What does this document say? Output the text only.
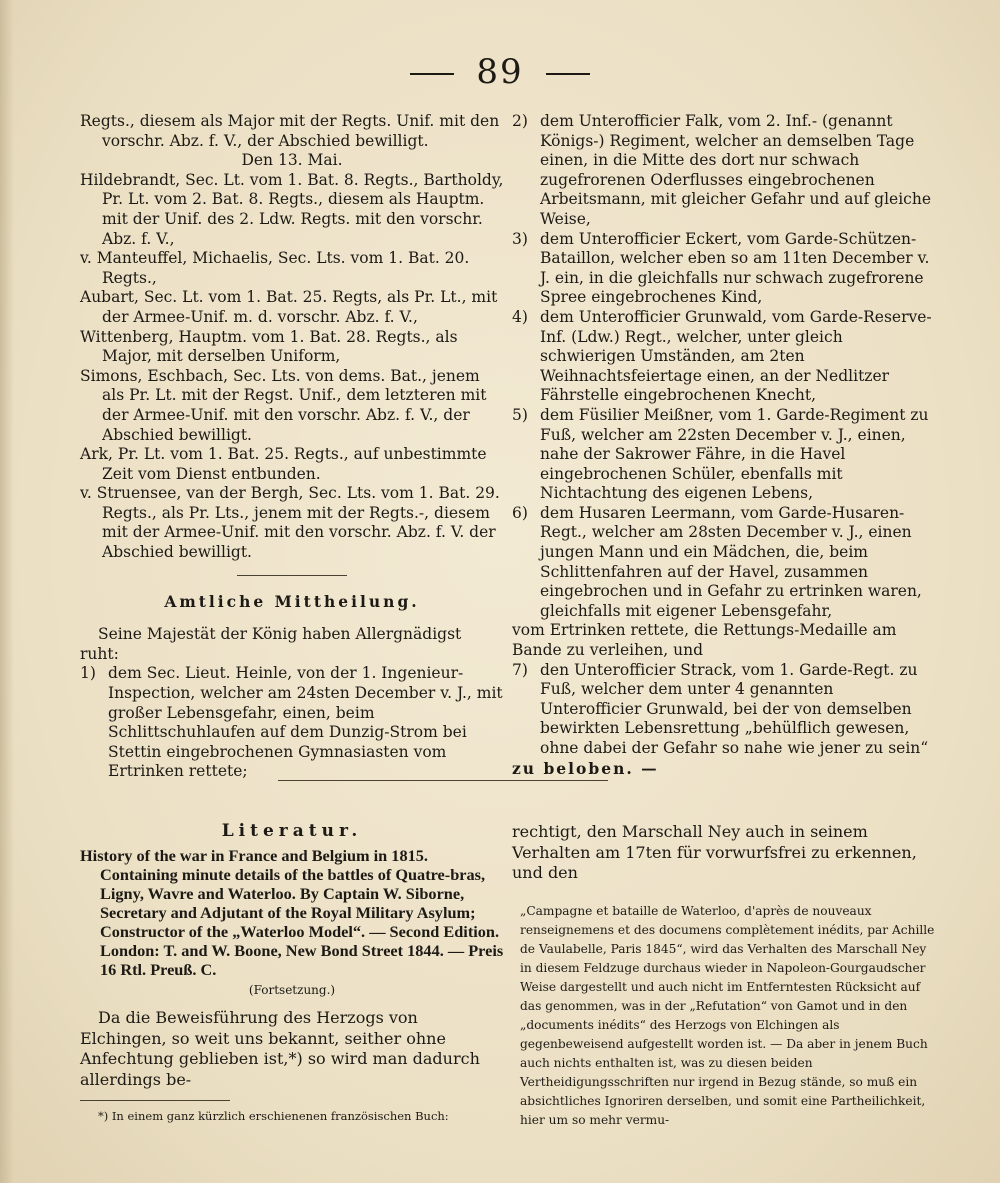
89

Regts., diesem als Major mit der Regts. Unif. mit den vorschr. Abz. f. V., der Abschied bewilligt.

Den 13. Mai.

Hildebrandt, Sec. Lt. vom 1. Bat. 8. Regts., Bartholdy, Pr. Lt. vom 2. Bat. 8. Regts., diesem als Hauptm. mit der Unif. des 2. Ldw. Regts. mit den vorschr. Abz. f. V.,

v. Manteuffel, Michaelis, Sec. Lts. vom 1. Bat. 20. Regts.,

Aubart, Sec. Lt. vom 1. Bat. 25. Regts, als Pr. Lt., mit der Armee-Unif. m. d. vorschr. Abz. f. V.,

Wittenberg, Hauptm. vom 1. Bat. 28. Regts., als Major, mit derselben Uniform,

Simons, Eschbach, Sec. Lts. von dems. Bat., jenem als Pr. Lt. mit der Regst. Unif., dem letzteren mit der Armee-Unif. mit den vorschr. Abz. f. V., der Abschied bewilligt.

Ark, Pr. Lt. vom 1. Bat. 25. Regts., auf unbestimmte Zeit vom Dienst entbunden.

v. Struensee, van der Bergh, Sec. Lts. vom 1. Bat. 29. Regts., als Pr. Lts., jenem mit der Regts.-, diesem mit der Armee-Unif. mit den vorschr. Abz. f. V. der Abschied bewilligt.

Amtliche Mittheilung.

Seine Majestät der König haben Allergnädigst ruht:

1) dem Sec. Lieut. Heinle, von der 1. Ingenieur-Inspection, welcher am 24sten December v. J., mit großer Lebensgefahr, einen, beim Schlittschuhlaufen auf dem Dunzig-Strom bei Stettin eingebrochenen Gymnasiasten vom Ertrinken rettete;
2) dem Unterofficier Falk, vom 2. Inf.- (genannt Königs-) Regiment, welcher an demselben Tage einen, in die Mitte des dort nur schwach zugefrorenen Oderflusses eingebrochenen Arbeitsmann, mit gleicher Gefahr und auf gleiche Weise,
3) dem Unterofficier Eckert, vom Garde-Schützen-Bataillon, welcher eben so am 11ten December v. J. ein, in die gleichfalls nur schwach zugefrorene Spree eingebrochenes Kind,
4) dem Unterofficier Grunwald, vom Garde-Reserve-Inf. (Ldw.) Regt., welcher, unter gleich schwierigen Umständen, am 2ten Weihnachtsfeiertage einen, an der Nedlitzer Fährstelle eingebrochenen Knecht,
5) dem Füsilier Meißner, vom 1. Garde-Regiment zu Fuß, welcher am 22sten December v. J., einen, nahe der Sakrower Fähre, in die Havel eingebrochenen Schüler, ebenfalls mit Nichtachtung des eigenen Lebens,
6) dem Husaren Leermann, vom Garde-Husaren-Regt., welcher am 28sten December v. J., einen jungen Mann und ein Mädchen, die, beim Schlittenfahren auf der Havel, zusammen eingebrochen und in Gefahr zu ertrinken waren, gleichfalls mit eigener Lebensgefahr,

vom Ertrinken rettete, die Rettungs-Medaille am Bande zu verleihen, und

7) den Unterofficier Strack, vom 1. Garde-Regt. zu Fuß, welcher dem unter 4 genannten Unterofficier Grunwald, bei der von demselben bewirkten Lebensrettung „behülflich gewesen, ohne dabei der Gefahr so nahe wie jener zu sein“

zu beloben. —

Literatur.

History of the war in France and Belgium in 1815. Containing minute details of the battles of Quatre-bras, Ligny, Wavre and Waterloo. By Captain W. Siborne, Secretary and Adjutant of the Royal Military Asylum; Constructor of the „Waterloo Model“. — Second Edition. London: T. and W. Boone, New Bond Street 1844. — Preis 16 Rtl. Preuß. C.

(Fortsetzung.)

Da die Beweisführung des Herzogs von Elchingen, so weit uns bekannt, seither ohne Anfechtung geblieben ist,*) so wird man dadurch allerdings be-

*) In einem ganz kürzlich erschienenen französischen Buch:

rechtigt, den Marschall Ney auch in seinem Verhalten am 17ten für vorwurfsfrei zu erkennen, und den

„Campagne et bataille de Waterloo, d'après de nouveaux renseignemens et des documens complètement inédits, par Achille de Vaulabelle, Paris 1845“, wird das Verhalten des Marschall Ney in diesem Feldzuge durchaus wieder in Napoleon-Gourgaudscher Weise dargestellt und auch nicht im Entferntesten Rücksicht auf das genommen, was in der „Refutation“ von Gamot und in den „documents inédits“ des Herzogs von Elchingen als gegenbeweisend aufgestellt worden ist. — Da aber in jenem Buch auch nichts enthalten ist, was zu diesen beiden Vertheidigungsschriften nur irgend in Bezug stände, so muß ein absichtliches Ignoriren derselben, und somit eine Partheilichkeit, hier um so mehr vermu-
